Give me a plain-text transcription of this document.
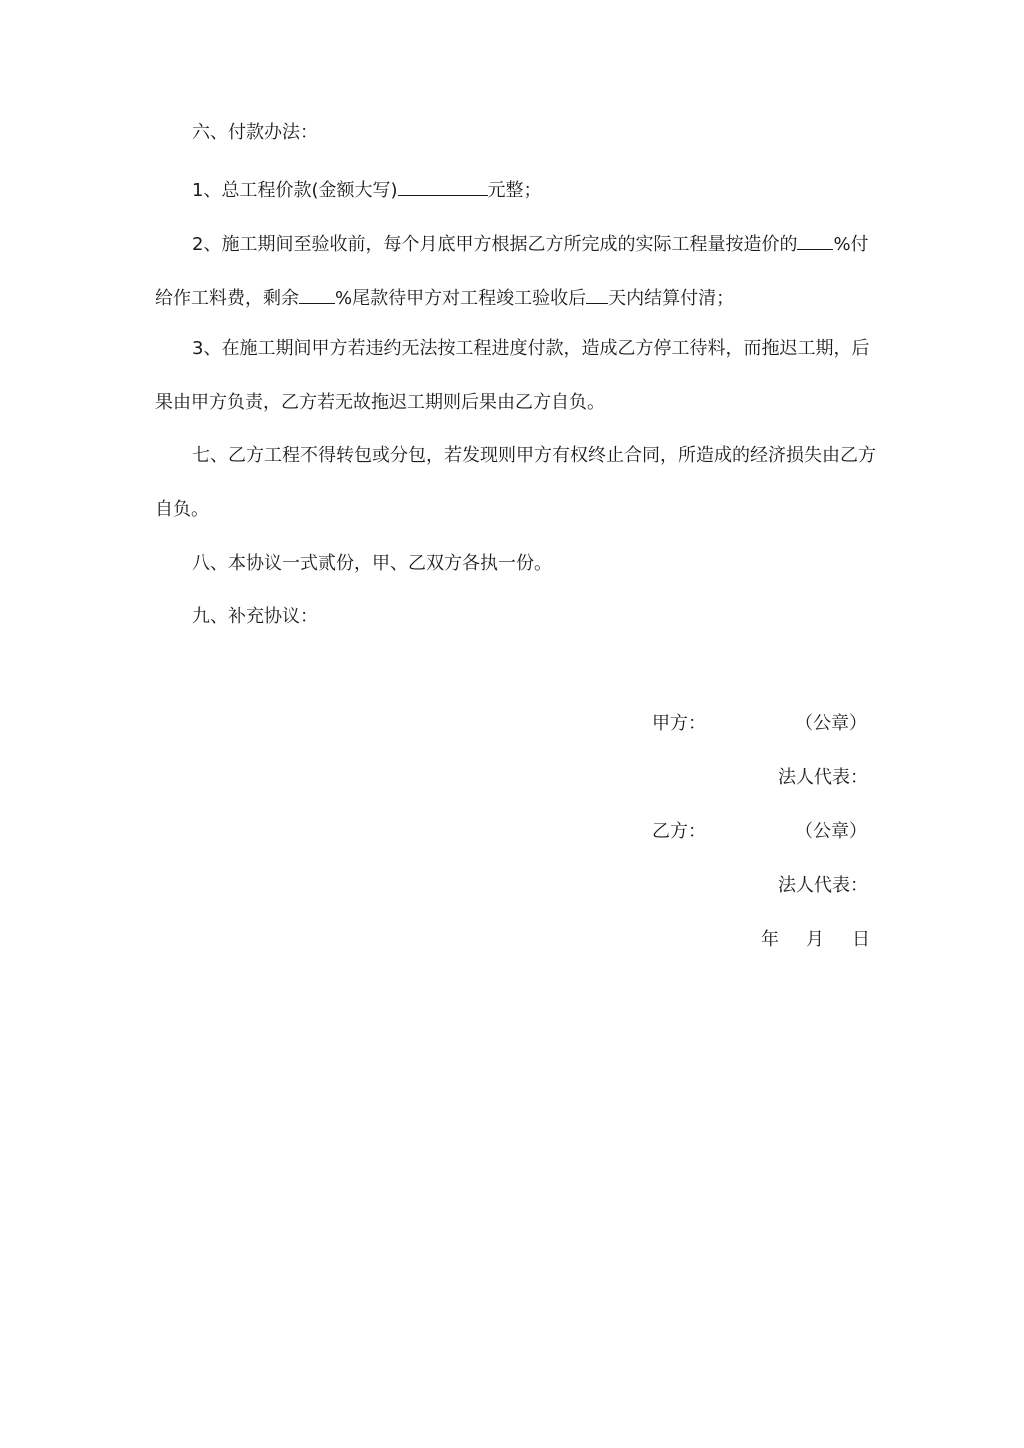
六、付款办法：
1、总工程价款(金额大写)	元整；
2、施工期间至验收前，每个月底甲方根据乙方所完成的实际工程量按造价的 %付
给作工料费，剩余 %尾款待甲方对工程竣工验收后 天内结算付清；
3、在施工期间甲方若违约无法按工程进度付款，造成乙方停工待料，而拖迟工期，后
果由甲方负责，乙方若无故拖迟工期则后果由乙方自负。
七、乙方工程不得转包或分包，若发现则甲方有权终止合同，所造成的经济损失由乙方
自负。
八、本协议一式贰份，甲、乙双方各执一份。
九、补充协议：
甲方：	（公章）
法人代表：
乙方：	（公章）
法人代表：
年 月 日
